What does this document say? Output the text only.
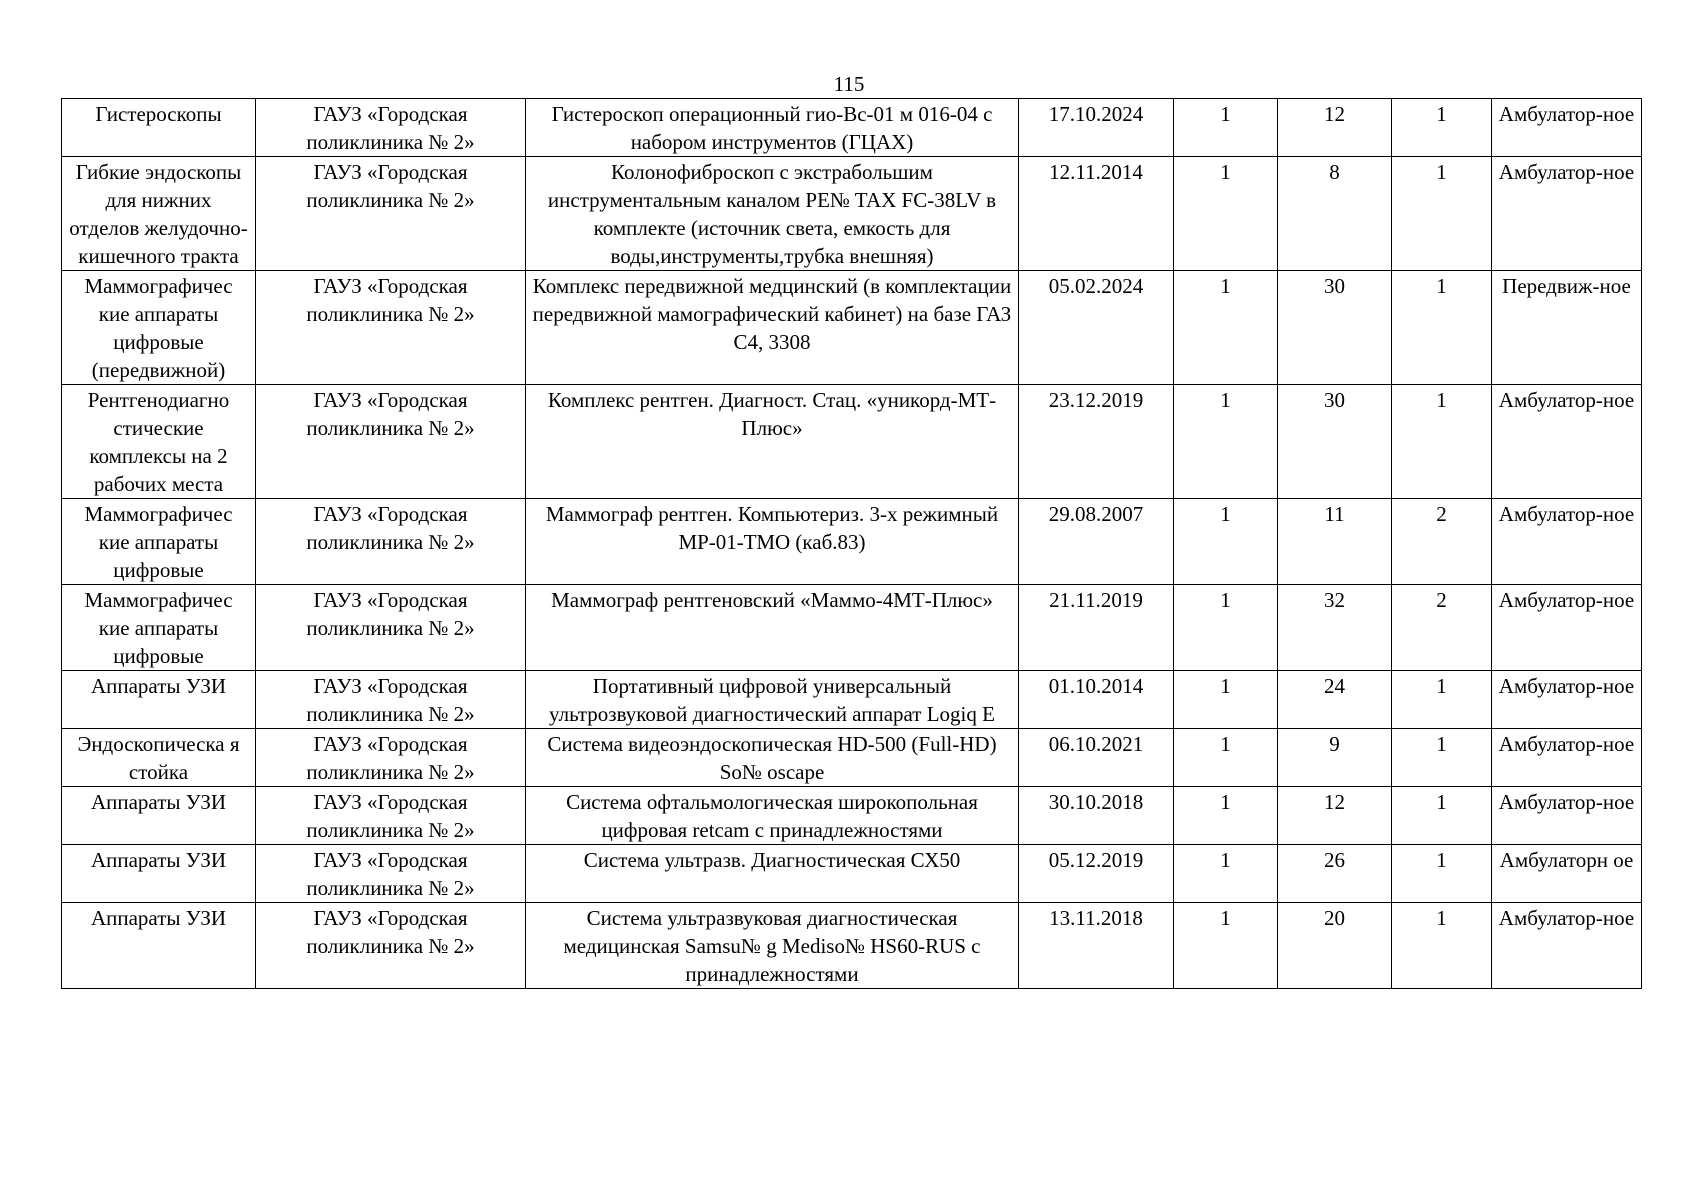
115
Гистероскопы	ГАУЗ «Городская поликлиника № 2»	Гистероскоп операционный гио-Вс-01 м 016-04 с набором инструментов (ГЦАХ)	17.10.2024	1	12	1	Амбулатор-ное
Гибкие эндоскопы для нижних отделов желудочно-кишечного тракта	ГАУЗ «Городская поликлиника № 2»	Колонофиброскоп с экстрабольшим инструментальным каналом PE№ TAX FC-38LV в комплекте (источник света, емкость для воды,инструменты,трубка внешняя)	12.11.2014	1	8	1	Амбулатор-ное
Маммографичес кие аппараты цифровые (передвижной)	ГАУЗ «Городская поликлиника № 2»	Комплекс передвижной медцинский (в комплектации передвижной мамографический кабинет) на базе ГАЗ С4, 3308	05.02.2024	1	30	1	Передвиж-ное
Рентгенодиагно стические комплексы на 2 рабочих места	ГАУЗ «Городская поликлиника № 2»	Комплекс рентген. Диагност. Стац. «уникорд-МТ-Плюс»	23.12.2019	1	30	1	Амбулатор-ное
Маммографичес кие аппараты цифровые	ГАУЗ «Городская поликлиника № 2»	Маммограф рентген. Компьютериз. 3-х режимный МР-01-ТМО (каб.83)	29.08.2007	1	11	2	Амбулатор-ное
Маммографичес кие аппараты цифровые	ГАУЗ «Городская поликлиника № 2»	Маммограф рентгеновский «Маммо-4МТ-Плюс»	21.11.2019	1	32	2	Амбулатор-ное
Аппараты УЗИ	ГАУЗ «Городская поликлиника № 2»	Портативный цифровой универсальный ультрозвуковой диагностический аппарат Logiq E	01.10.2014	1	24	1	Амбулатор-ное
Эндоскопическа я стойка	ГАУЗ «Городская поликлиника № 2»	Система видеоэндоскопическая HD-500 (Full-HD) So№ oscape	06.10.2021	1	9	1	Амбулатор-ное
Аппараты УЗИ	ГАУЗ «Городская поликлиника № 2»	Система офтальмологическая широкопольная цифровая retcam с принадлежностями	30.10.2018	1	12	1	Амбулатор-ное
Аппараты УЗИ	ГАУЗ «Городская поликлиника № 2»	Система ультразв. Диагностическая СХ50	05.12.2019	1	26	1	Амбулаторн ое
Аппараты УЗИ	ГАУЗ «Городская поликлиника № 2»	Система ультразвуковая диагностическая медицинская Samsu№ g Mediso№ HS60-RUS с принадлежностями	13.11.2018	1	20	1	Амбулатор-ное
